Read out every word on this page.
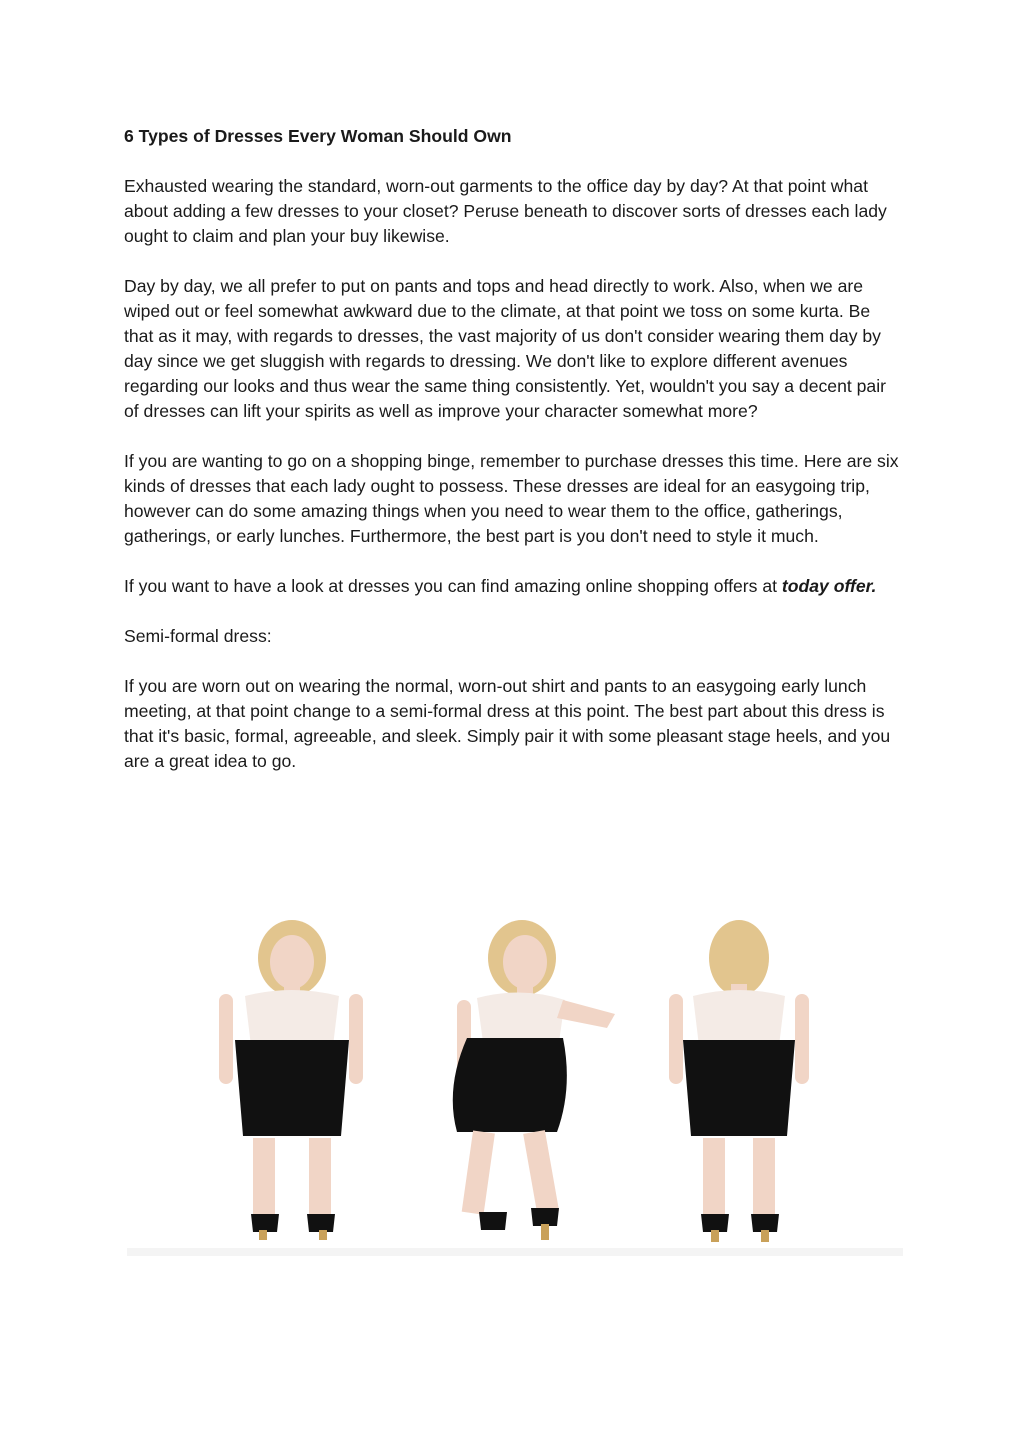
6 Types of Dresses Every Woman Should Own

Exhausted wearing the standard, worn-out garments to the office day by day? At that point what about adding a few dresses to your closet? Peruse beneath to discover sorts of dresses each lady ought to claim and plan your buy likewise.

Day by day, we all prefer to put on pants and tops and head directly to work. Also, when we are wiped out or feel somewhat awkward due to the climate, at that point we toss on some kurta. Be that as it may, with regards to dresses, the vast majority of us don't consider wearing them day by day since we get sluggish with regards to dressing. We don't like to explore different avenues regarding our looks and thus wear the same thing consistently. Yet, wouldn't you say a decent pair of dresses can lift your spirits as well as improve your character somewhat more?

If you are wanting to go on a shopping binge, remember to purchase dresses this time. Here are six kinds of dresses that each lady ought to possess. These dresses are ideal for an easygoing trip, however can do some amazing things when you need to wear them to the office, gatherings, gatherings, or early lunches. Furthermore, the best part is you don't need to style it much.

If you want to have a look at dresses you can find amazing online shopping offers at today offer.

Semi-formal dress:

If you are worn out on wearing the normal, worn-out shirt and pants to an easygoing early lunch meeting, at that point change to a semi-formal dress at this point. The best part about this dress is that it's basic, formal, agreeable, and sleek. Simply pair it with some pleasant stage heels, and you are a great idea to go.
